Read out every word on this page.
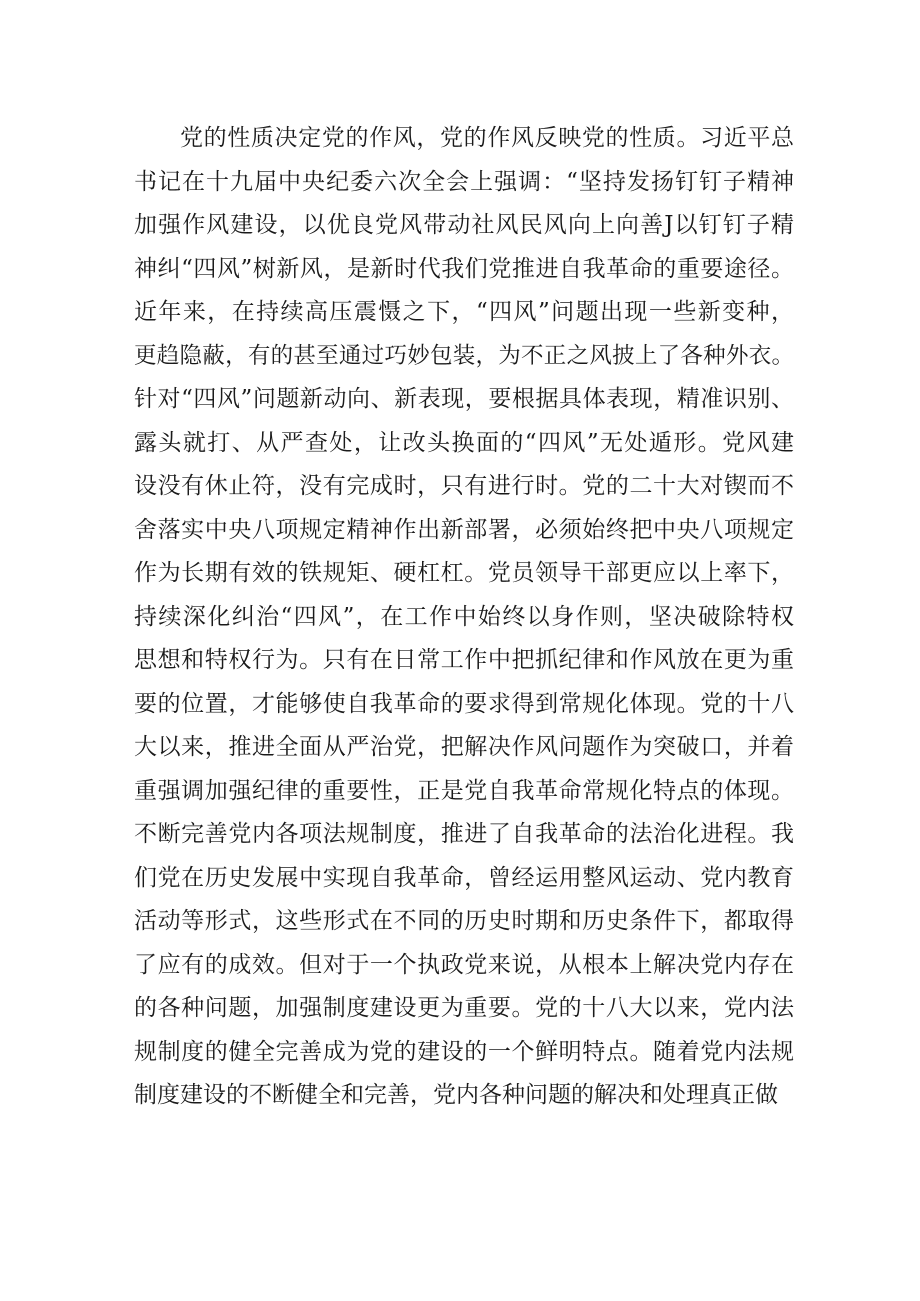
党的性质决定党的作风，党的作风反映党的性质。习近平总
书记在十九届中央纪委六次全会上强调：“坚持发扬钉钉子精神
加强作风建设，以优良党风带动社风民风向上向善J以钉钉子精
神纠“四风”树新风，是新时代我们党推进自我革命的重要途径。
近年来，在持续高压震慑之下，“四风”问题出现一些新变种，
更趋隐蔽，有的甚至通过巧妙包装，为不正之风披上了各种外衣。
针对“四风”问题新动向、新表现，要根据具体表现，精准识别、
露头就打、从严查处，让改头换面的“四风”无处遁形。党风建
设没有休止符，没有完成时，只有进行时。党的二十大对锲而不
舍落实中央八项规定精神作出新部署，必须始终把中央八项规定
作为长期有效的铁规矩、硬杠杠。党员领导干部更应以上率下，
持续深化纠治“四风”，在工作中始终以身作则，坚决破除特权
思想和特权行为。只有在日常工作中把抓纪律和作风放在更为重
要的位置，才能够使自我革命的要求得到常规化体现。党的十八
大以来，推进全面从严治党，把解决作风问题作为突破口，并着
重强调加强纪律的重要性，正是党自我革命常规化特点的体现。
不断完善党内各项法规制度，推进了自我革命的法治化进程。我
们党在历史发展中实现自我革命，曾经运用整风运动、党内教育
活动等形式，这些形式在不同的历史时期和历史条件下，都取得
了应有的成效。但对于一个执政党来说，从根本上解决党内存在
的各种问题，加强制度建设更为重要。党的十八大以来，党内法
规制度的健全完善成为党的建设的一个鲜明特点。随着党内法规
制度建设的不断健全和完善，党内各种问题的解决和处理真正做
